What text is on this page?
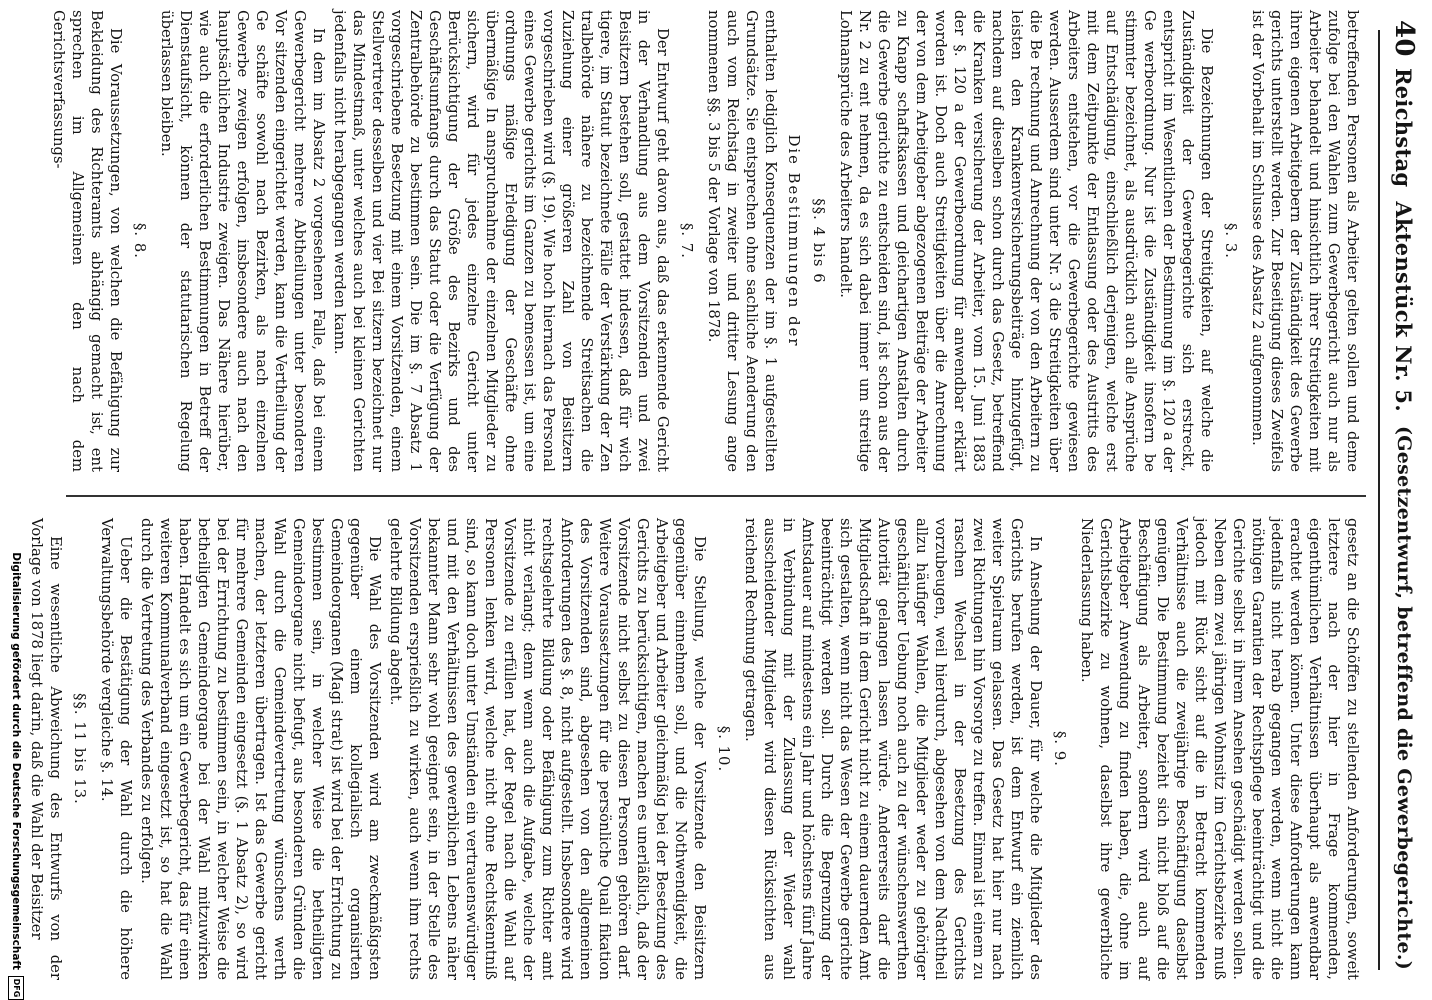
40
Reichstag
Aktenstück Nr. 5.
(Gesetzentwurf, betreffend die Gewerbegerichte.)

betreffenden Personen als Arbeiter gelten sollen und deme zufolge bei den Wahlen zum Gewerbegericht auch nur als Arbeiter behandelt und hinsichtlich ihrer Streitigkeiten mit ihren eigenen Arbeitgebern der Zuständigkeit des Gewerbe gerichts unterstellt werden. Zur Beseitigung dieses Zweifels ist der Vorbehalt im Schlusse des Absatz 2 aufgenommen.

§. 3.

Die Bezeichnungen der Streitigkeiten, auf welche die Zuständigkeit der Gewerbegerichte sich erstreckt, entspricht im Wesentlichen der Bestimmung im §. 120 a der Ge werbeordnung. Nur ist die Zuständigkeit insofern be stimmter bezeichnet, als ausdrücklich auch alle Ansprüche auf Entschädigung, einschließlich derjenigen, welche erst mit dem Zeitpunkte der Entlassung oder des Austritts des Arbeiters entstehen, vor die Gewerbegerichte gewiesen werden. Ausserdem sind unter Nr. 3 die Streitigkeiten über die Be rechnung und Anrechnung der von den Arbeitern zu leisten den Krankenversicherungsbeiträge hinzugefügt, nachdem auf dieselben schon durch das Gesetz, betreffend die Kranken versicherung der Arbeiter, vom 15. Juni 1883 der §. 120 a der Gewerbeordnung für anwendbar erklärt worden ist. Doch auch Streitigkeiten über die Anrechnung der von dem Arbeitgeber abgezogenen Beiträge der Arbeiter zu Knapp schaftskassen und gleichartigen Anstalten durch die Gewerbe gerichte zu entscheiden sind, ist schon aus der Nr. 2 zu ent nehmen, da es sich dabei immer um streitige Lohnansprüche des Arbeiters handelt.

§§. 4 bis 6
Die Bestimmungen der

enthalten lediglich Konsequenzen der im §. 1 aufgestellten Grundsätze. Sie entsprechen ohne sachliche Aenderung den auch vom Reichstag in zweiter und dritter Lesung ange nommenen §§. 3 bis 5 der Vorlage von 1878.

§. 7.

Der Entwurf geht davon aus, daß das erkennende Gericht in der Verhandlung aus dem Vorsitzenden und zwei Beisitzern bestehen soll, gestattet indessen, daß für wich tigere, im Statut bezeichnete Fälle der Verstärkung der Zen tralbehörde nähere zu bezeichnende Streitsachen die Zuziehung einer größeren Zahl von Beisitzern vorgeschrieben wird (§. 19). Wie hoch hiernach das Personal eines Gewerbe gerichts im Ganzen zu bemessen ist, um eine ordnungs mäßige Erledigung der Geschäfte ohne übermäßige In anspruchnahme der einzelnen Mitglieder zu sichern, wird für jedes einzelne Gericht unter Berücksichtigung der Größe des Bezirks und des Geschäftsumfangs durch das Statut oder die Verfügung der Zentralbehörde zu bestimmen sein. Die im §. 7 Absatz 1 vorgeschriebene Besetzung mit einem Vorsitzenden, einem Stellvertreter desselben und vier Bei sitzern bezeichnet nur das Mindestmaß, unter welches auch bei kleinen Gerichten jedenfalls nicht herabgegangen werden kann.

In dem im Absatz 2 vorgesehenen Falle, daß bei einem Gewerbegericht mehrere Abtheilungen unter besonderen Vor sitzenden eingerichtet werden, kann die Vertheilung der Ge schäfte sowohl nach Bezirken, als nach einzelnen Gewerbe zweigen erfolgen, insbesondere auch nach den hauptsächlichen Industrie zweigen. Das Nähere hierüber, wie auch die erforderlichen Bestimmungen in Betreff der Dienstaufsicht, können der statutarischen Regelung überlassen bleiben.

§. 8.

Die Voraussetzungen, von welchen die Befähigung zur Bekleidung des Richteramts abhängig gemacht ist, ent sprechen im Allgemeinen den nach dem Gerichtsverfassungs-

gesetz an die Schöffen zu stellenden Anforderungen, soweit letztere nach der hier in Frage kommenden, eigenthümlichen Verhältnissen überhaupt als anwendbar erachtet werden können. Unter diese Anforderungen kann jedenfalls nicht herab gegangen werden, wenn nicht die nöthigen Garantien der Rechtspflege beeinträchtigt und die Gerichte selbst in ihrem Ansehen geschädigt werden sollen. Neben dem zwei jährigen Wohnsitz im Gerichtsbezirke muß jedoch mit Rück sicht auf die in Betracht kommenden Verhältnisse auch die zweijährige Beschäftigung daselbst genügen. Die Bestimmung bezieht sich nicht bloß auf die Beschäftigung als Arbeiter, sondern wird auch auf Arbeitgeber Anwendung zu finden haben, die, ohne im Gerichtsbezirke zu wohnen, daselbst ihre gewerbliche Niederlassung haben.

§. 9.

In Ansehung der Dauer, für welche die Mitglieder des Gerichts berufen werden, ist dem Entwurf ein ziemlich weiter Spielraum gelassen. Das Gesetz hat hier nur nach zwei Richtungen hin Vorsorge zu treffen. Einmal ist einem zu raschen Wechsel in der Besetzung des Gerichts vorzubeugen, weil hierdurch, abgesehen von dem Nachtheil allzu häufiger Wahlen, die Mitglieder weder zu gehöriger geschäftlicher Uebung noch auch zu der wünschenswerthen Autorität gelangen lassen würde. Andererseits darf die Mitgliedschaft in dem Gericht nicht zu einem dauernden Amt sich gestalten, wenn nicht das Wesen der Gewerbe gerichte beeinträchtigt werden soll. Durch die Begrenzung der Amtsdauer auf mindestens ein Jahr und höchstens fünf Jahre in Verbindung mit der Zulassung der Wieder wahl ausscheidender Mitglieder wird diesen Rücksichten aus reichend Rechnung getragen.

§. 10.

Die Stellung, welche der Vorsitzende den Beisitzern gegenüber einnehmen soll, und die Nothwendigkeit, die Arbeitgeber und Arbeiter gleichmäßig bei der Besetzung des Gerichts zu berücksichtigen, machen es unerläßlich, daß der Vorsitzende nicht selbst zu diesen Personen gehören darf. Weitere Voraussetzungen für die persönliche Quali fikation des Vorsitzenden sind, abgesehen von den allgemeinen Anforderungen des §. 8, nicht aufgestellt. Insbesondere wird rechtsgelehrte Bildung oder Befähigung zum Richter amt nicht verlangt; denn wenn auch die Aufgabe, welche der Vorsitzende zu erfüllen hat, der Regel nach die Wahl auf Personen lenken wird, welche nicht ohne Rechtskenntniß sind, so kann doch unter Umständen ein vertrauenswürdiger und mit den Verhältnissen des gewerblichen Lebens näher bekannter Mann sehr wohl geeignet sein, in der Stelle des Vorsitzenden ersprießlich zu wirken, auch wenn ihm rechts gelehrte Bildung abgeht.

Die Wahl des Vorsitzenden wird am zweckmäßigsten gegenüber einem kollegialisch organisirten Gemeindeorganen (Magi strat) ist wird bei der Errichtung zu bestimmen sein, in welcher Weise die betheiligten Gemeindeorgane nicht befugt, aus besonderen Gründen die Wahl durch die Gemeindevertretung wünschens werth machen, der letzteren übertragen. Ist das Gewerbe gericht für mehrere Gemeinden eingesetzt (§. 1 Absatz 2), so wird bei der Errichtung zu bestimmen sein, in welcher Weise die betheiligten Gemeindeorgane bei der Wahl mitzuwirken haben. Handelt es sich um ein Gewerbegericht, das für einen weiteren Kommunalverband eingesetzt ist, so hat die Wahl durch die Vertretung des Verbandes zu erfolgen.

Ueber die Bestätigung der Wahl durch die höhere Verwaltungsbehörde vergleiche §. 14.

§§. 11 bis 13.

Eine wesentliche Abweichung des Entwurfs von der Vorlage von 1878 liegt darin, daß die Wahl der Beisitzer

Digitalisierung gefördert durch die Deutsche Forschungsgemeinschaft
DFG
